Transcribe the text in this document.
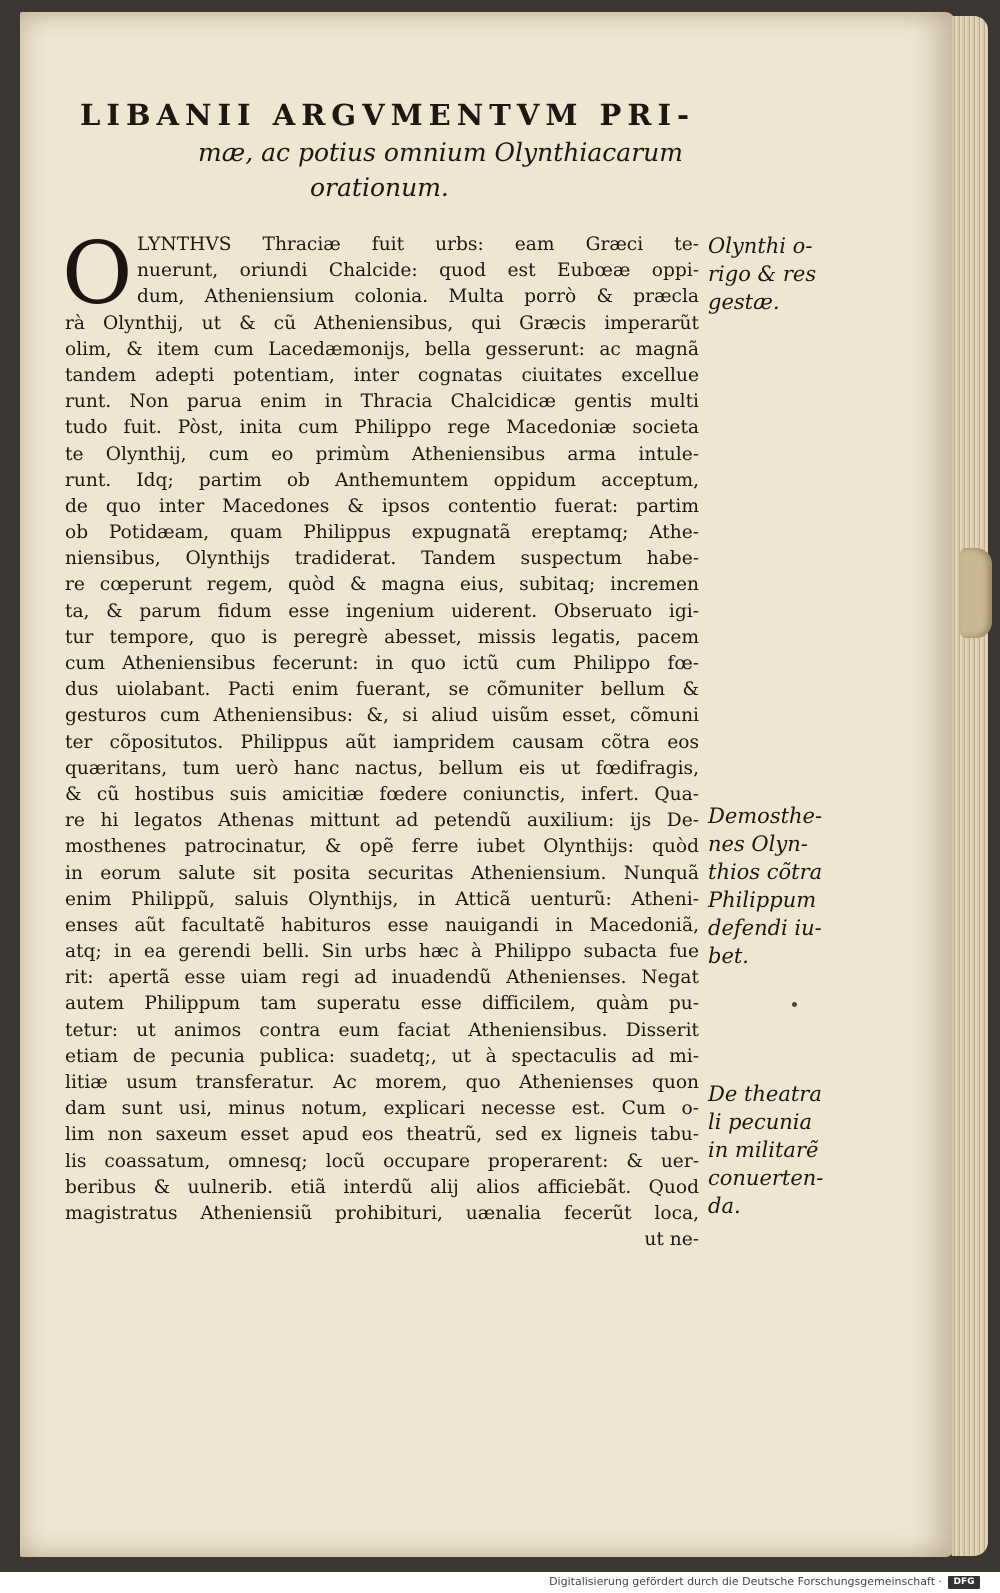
LIBANII ARGVMENTVM PRI-
mæ, ac potius omnium Olynthiacarum
orationum.
O LYNTHVS Thraciæ fuit urbs: eam Græci te-
nuerunt, oriundi Chalcide: quod est Eubœæ oppi-
dum, Atheniensium colonia. Multa porrò & præcla
rà Olynthij, ut & cũ Atheniensibus, qui Græcis imperarũt
olim, & item cum Lacedæmonijs, bella gesserunt: ac magnã
tandem adepti potentiam, inter cognatas ciuitates excellue
runt. Non parua enim in Thracia Chalcidicæ gentis multi
tudo fuit. Pòst, inita cum Philippo rege Macedoniæ societa
te Olynthij, cum eo primùm Atheniensibus arma intule-
runt. Idq; partim ob Anthemuntem oppidum acceptum,
de quo inter Macedones & ipsos contentio fuerat: partim
ob Potidæam, quam Philippus expugnatã ereptamq; Athe-
niensibus, Olynthijs tradiderat. Tandem suspectum habe-
re cœperunt regem, quòd & magna eius, subitaq; incremen
ta, & parum fidum esse ingenium uiderent. Obseruato igi-
tur tempore, quo is peregrè abesset, missis legatis, pacem
cum Atheniensibus fecerunt: in quo ictũ cum Philippo fœ-
dus uiolabant. Pacti enim fuerant, se cõmuniter bellum &
gesturos cum Atheniensibus: &, si aliud uisũm esset, cõmuni
ter cõpositutos. Philippus aũt iampridem causam cõtra eos
quæritans, tum uerò hanc nactus, bellum eis ut fœdifragis,
& cũ hostibus suis amicitiæ fœdere coniunctis, infert. Qua-
re hi legatos Athenas mittunt ad petendũ auxilium: ijs De-
mosthenes patrocinatur, & opẽ ferre iubet Olynthijs: quòd
in eorum salute sit posita securitas Atheniensium. Nunquã
enim Philippũ, saluis Olynthijs, in Atticã uenturũ: Atheni-
enses aũt facultatẽ habituros esse nauigandi in Macedoniã,
atq; in ea gerendi belli. Sin urbs hæc à Philippo subacta fue
rit: apertã esse uiam regi ad inuadendũ Athenienses. Negat
autem Philippum tam superatu esse difficilem, quàm pu-
tetur: ut animos contra eum faciat Atheniensibus. Disserit
etiam de pecunia publica: suadetq;, ut à spectaculis ad mi-
litiæ usum transferatur. Ac morem, quo Athenienses quon
dam sunt usi, minus notum, explicari necesse est. Cum o-
lim non saxeum esset apud eos theatrũ, sed ex ligneis tabu-
lis coassatum, omnesq; locũ occupare properarent: & uer-
beribus & uulnerib. etiã interdũ alij alios afficiebãt. Quod
magistratus Atheniensiũ prohibituri, uænalia fecerũt loca,
ut ne-
Olynthi o-
rigo & res
gestæ.
Demosthe-
nes Olyn-
thios cõtra
Philippum
defendi iu-
bet.
De theatra
li pecunia
in militarẽ
conuerten-
da.
Digitalisierung gefördert durch die Deutsche Forschungsgemeinschaft ·	DFG
